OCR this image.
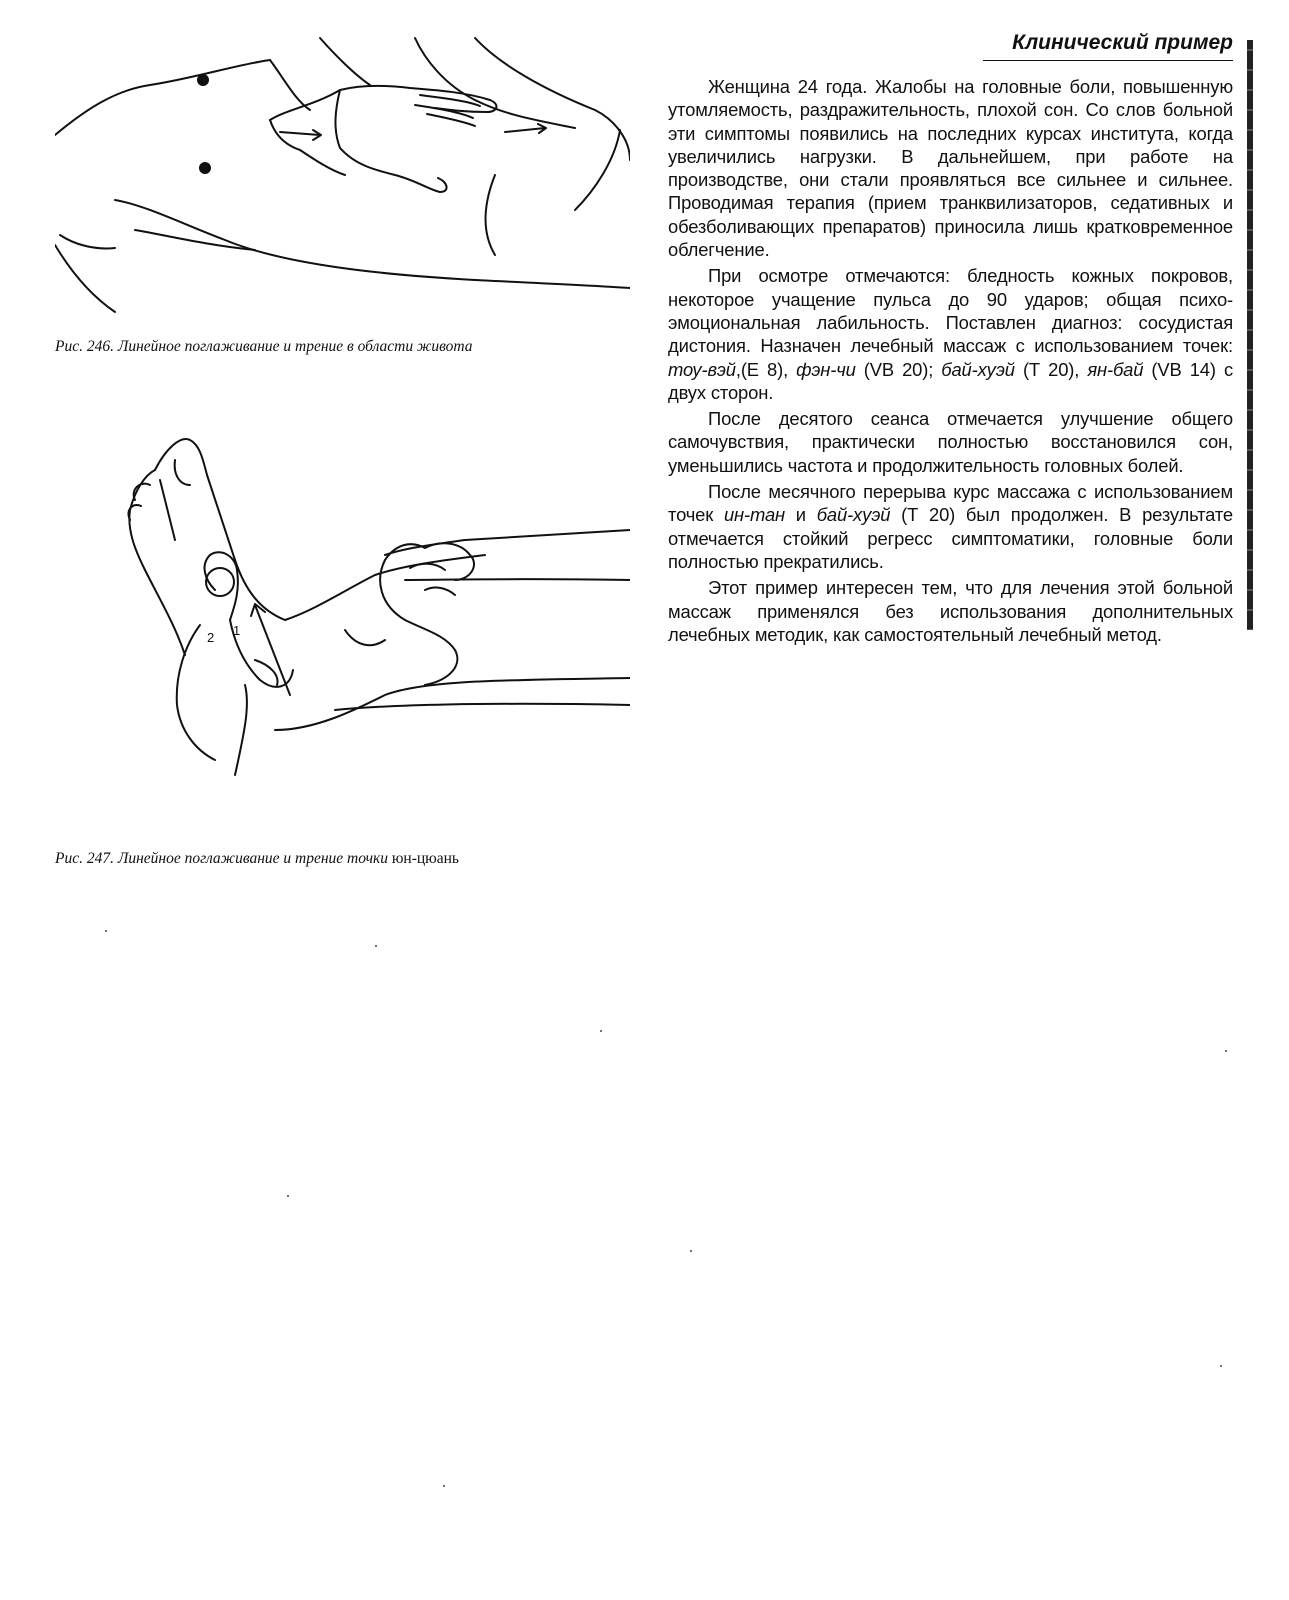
Рис. 246. Линейное поглаживание и трение в области живота

2 1

Рис. 247. Линейное поглаживание и трение точки юн-цюань

Клинический пример

Женщина 24 года. Жалобы на головные боли, повышенную утомляемость, раздражительность, плохой сон. Со слов больной эти симптомы появились на последних курсах института, когда увеличились нагрузки. В дальнейшем, при работе на производстве, они стали проявляться все сильнее и сильнее. Проводимая терапия (прием транквилизаторов, седативных и обезболивающих препаратов) приносила лишь кратковременное облегчение.

При осмотре отмечаются: бледность кожных покровов, некоторое учащение пульса до 90 ударов; общая психо-эмоциональная лабильность. Поставлен диагноз: сосудистая дистония. Назначен лечебный массаж с использованием точек: тоу-вэй,(Е 8), фэн-чи (VB 20); бай-хуэй (Т 20), ян-бай (VB 14) с двух сторон.

После десятого сеанса отмечается улучшение общего самочувствия, практически полностью восстановился сон, уменьшились частота и продолжительность головных болей.

После месячного перерыва курс массажа с использованием точек ин-тан и бай-хуэй (Т 20) был продолжен. В результате отмечается стойкий регресс симптоматики, головные боли полностью прекратились.

Этот пример интересен тем, что для лечения этой больной массаж применялся без использования дополнительных лечебных методик, как самостоятельный лечебный метод.
